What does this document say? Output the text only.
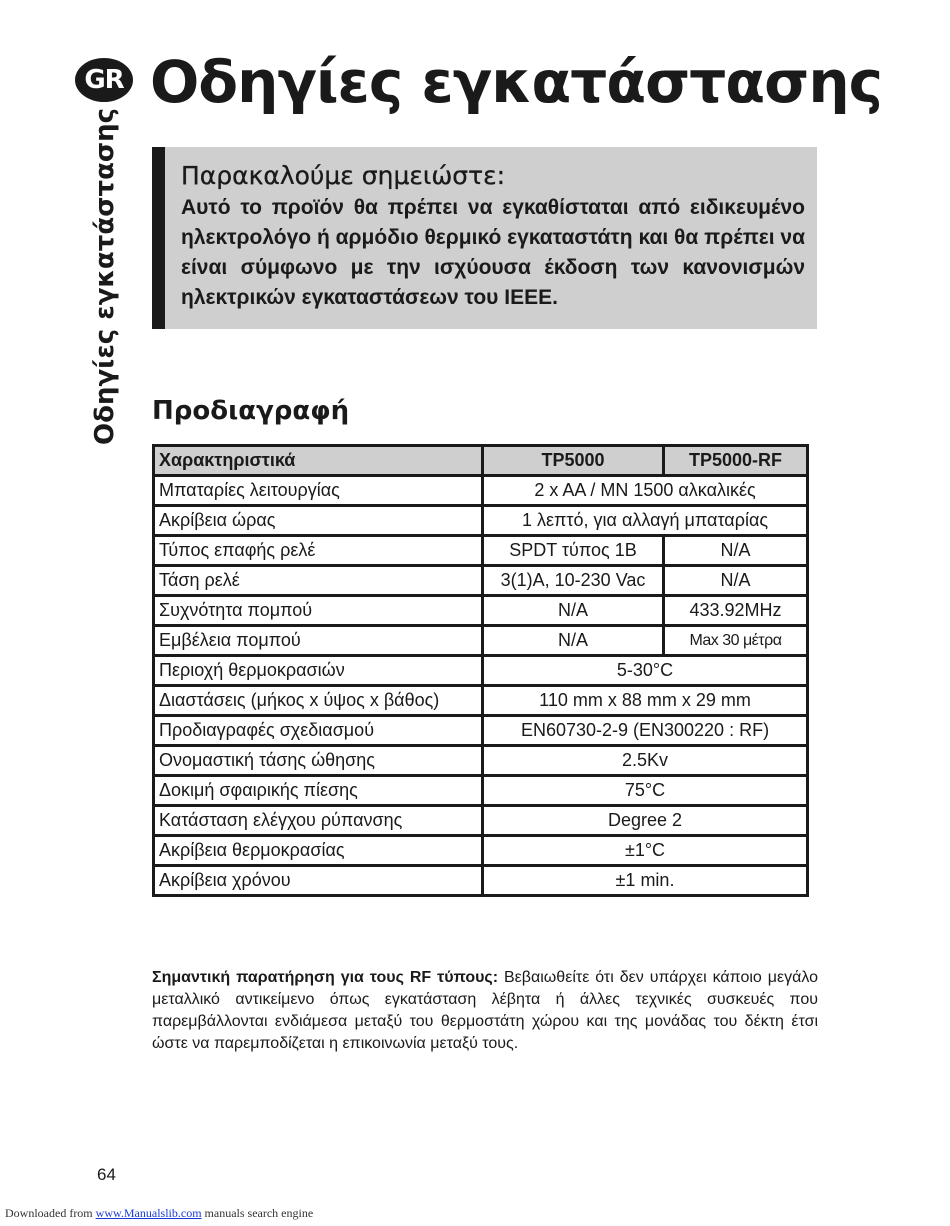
GR Οδηγίες εγκατάστασης
Οδηγίες εγκατάστασης Παρακαλούμε σημειώστε:

Αυτό το προϊόν θα πρέπει να εγκαθίσταται από ειδικευμένο ηλεκτρολόγο ή αρμόδιο θερμικό εγκαταστάτη και θα πρέπει να είναι σύμφωνο με την ισχύουσα έκδοση των κανονισμών ηλεκτρικών εγκαταστάσεων του IEEE.

Προδιαγραφή
Χαρακτηριστικά	TP5000	TP5000-RF
Μπαταρίες λειτουργίας	2 x AA / MN 1500 αλκαλικές	
Ακρίβεια ώρας	1 λεπτό, για αλλαγή μπαταρίας	
Τύπος επαφής ρελέ	SPDT τύπος 1B	N/A
Τάση ρελέ	3(1)A, 10-230 Vac	N/A
Συχνότητα πομπού	N/A	433.92MHz
Εμβέλεια πομπού	N/A	Max 30 μέτρα
Περιοχή θερμοκρασιών	5-30°C	
Διαστάσεις (μήκος x ύψος x βάθος)	110 mm x 88 mm x 29 mm	
Προδιαγραφές σχεδιασμού	EN60730-2-9 (EN300220 : RF)	
Ονομαστική τάσης ώθησης	2.5Kv	
Δοκιμή σφαιρικής πίεσης	75°C	
Κατάσταση ελέγχου ρύπανσης	Degree 2	
Ακρίβεια θερμοκρασίας	±1°C	
Ακρίβεια χρόνου	±1 min.	

Σημαντική παρατήρηση για τους RF τύπους: Βεβαιωθείτε ότι δεν υπάρχει κάποιο μεγάλο μεταλλικό αντικείμενο όπως εγκατάσταση λέβητα ή άλλες τεχνικές συσκευές που παρεμβάλλονται ενδιάμεσα μεταξύ του θερμοστάτη χώρου και της μονάδας του δέκτη έτσι ώστε να παρεμποδίζεται η επικοινωνία μεταξύ τους.

64
Downloaded from www.Manualslib.com manuals search engine
